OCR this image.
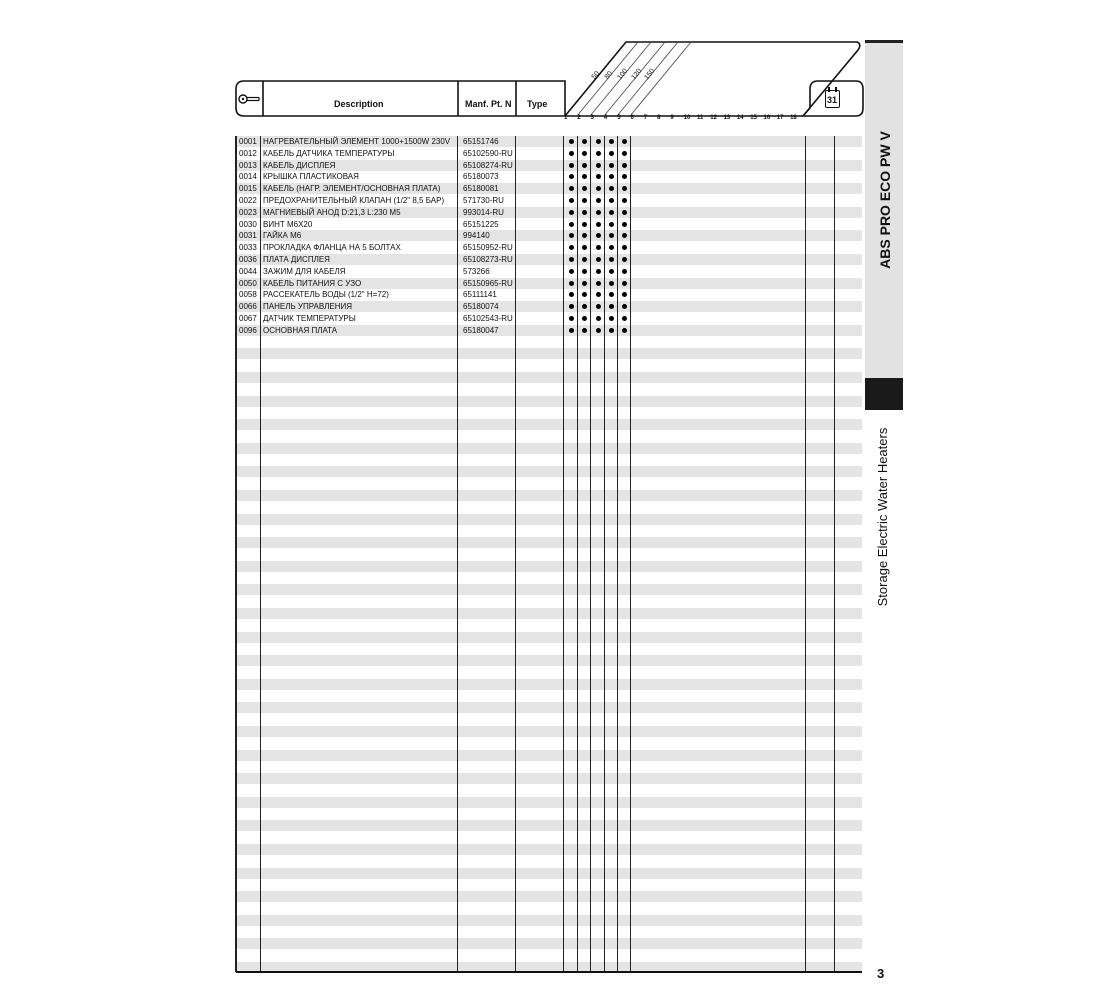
Description	Manf. Pt. N Type
50 80 100 120 150
31
1 2 3 4 5 6 7 8 9 10 11 12 13 14 15 16 17 18
0001 НАГРЕВАТЕЛЬНЫЙ ЭЛЕМЕНТ 1000+1500W 230V	65151746
0012 КАБЕЛЬ ДАТЧИКА ТЕМПЕРАТУРЫ	65102590-RU
0013 КАБЕЛЬ ДИСПЛЕЯ	65108274-RU
0014 КРЫШКА ПЛАСТИКОВАЯ	65180073
0015 КАБЕЛЬ (НАГР. ЭЛЕМЕНТ/ОСНОВНАЯ ПЛАТА)	65180081
0022 ПРЕДОХРАНИТЕЛЬНЫЙ КЛАПАН (1/2" 8,5 БАР)	571730-RU
0023 МАГНИЕВЫЙ АНОД D:21,3 L:230 M5	993014-RU
0030 ВИНТ M6X20	65151225
0031 ГАЙКА M6	994140
0033 ПРОКЛАДКА ФЛАНЦА НА 5 БОЛТАХ	65150952-RU
0036 ПЛАТА ДИСПЛЕЯ	65108273-RU
0044 ЗАЖИМ ДЛЯ КАБЕЛЯ	573266
0050 КАБЕЛЬ ПИТАНИЯ С УЗО	65150965-RU
0058 РАССЕКАТЕЛЬ ВОДЫ (1/2" H=72)	65111141
0066 ПАНЕЛЬ УПРАВЛЕНИЯ	65180074
0067 ДАТЧИК ТЕМПЕРАТУРЫ	65102543-RU
0096 ОСНОВНАЯ ПЛАТА	65180047
ABS PRO ECO PW V
Storage Electric Water Heaters
3
